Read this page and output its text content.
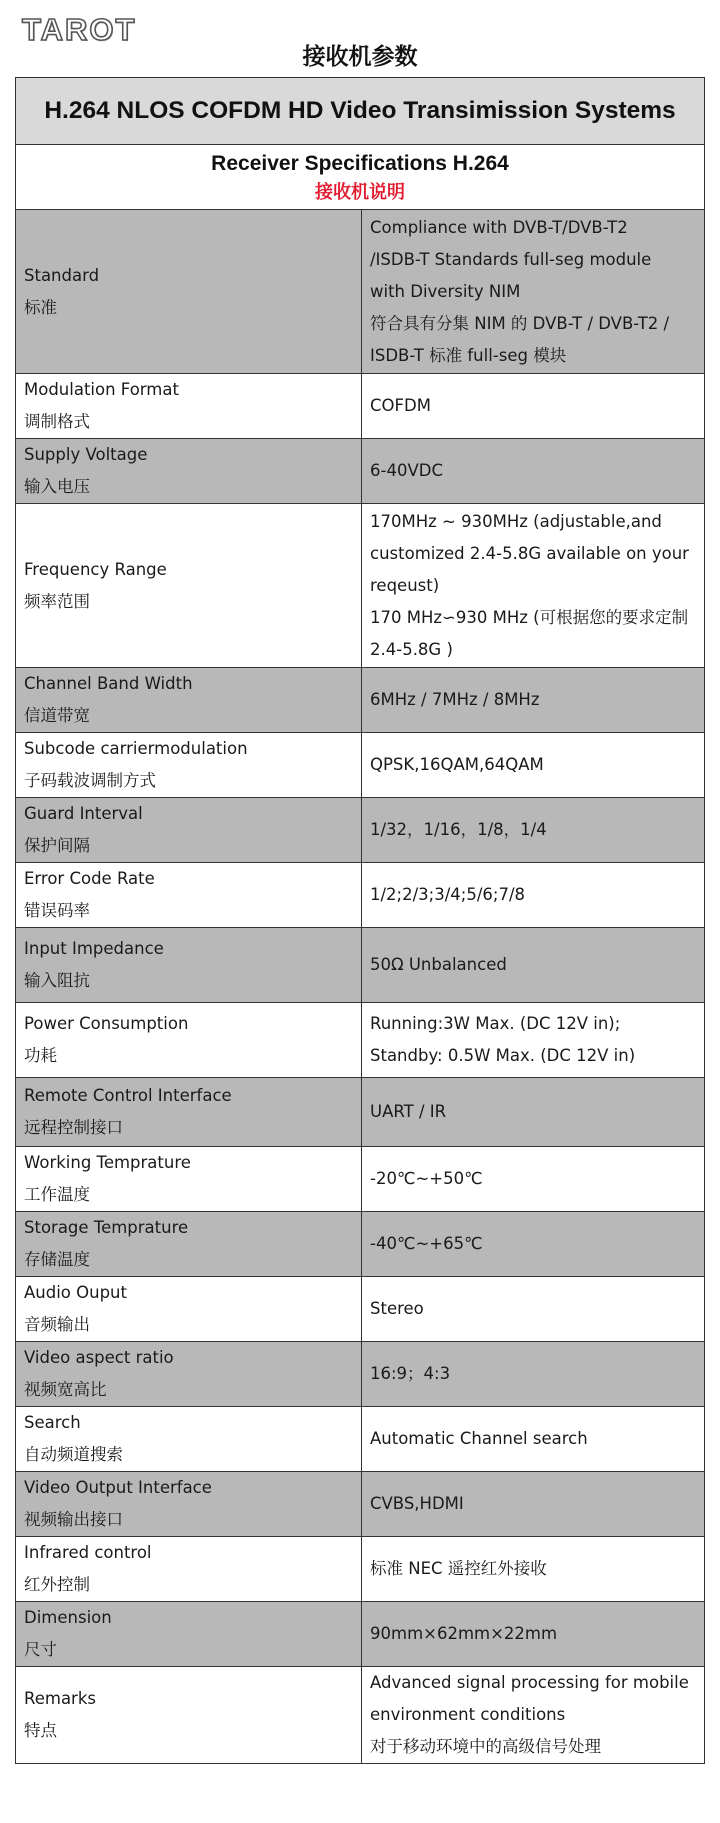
TAROT
接收机参数
H.264 NLOS COFDM HD Video Transimission Systems	

Receiver Specifications H.264
接收机说明	

Standard
标准	Compliance with DVB-T/DVB-T2
/ISDB-T Standards full-seg module
with Diversity NIM
符合具有分集 NIM 的 DVB-T / DVB-T2 /
ISDB-T 标准 full-seg 模块

Modulation Format
调制格式	COFDM

Supply Voltage
输入电压	6-40VDC

Frequency Range
频率范围	170MHz ~ 930MHz (adjustable,and
customized 2.4-5.8G available on your
reqeust)
170 MHz∽930 MHz (可根据您的要求定制
2.4-5.8G )

Channel Band Width
信道带宽	6MHz / 7MHz / 8MHz

Subcode carriermodulation
子码载波调制方式	QPSK,16QAM,64QAM

Guard Interval
保护间隔	1/32，1/16，1/8，1/4

Error Code Rate
错误码率	1/2;2/3;3/4;5/6;7/8

Input Impedance
输入阻抗	50Ω Unbalanced

Power Consumption
功耗	Running:3W Max. (DC 12V in);
Standby: 0.5W Max. (DC 12V in)

Remote Control Interface
远程控制接口	UART / IR

Working Temprature
工作温度	-20℃~+50℃

Storage Temprature
存储温度	-40℃~+65℃

Audio Ouput
音频输出	Stereo

Video aspect ratio
视频宽高比	16:9；4:3

Search
自动频道搜索	Automatic Channel search

Video Output Interface
视频输出接口	CVBS,HDMI

Infrared control
红外控制	标准 NEC 遥控红外接收

Dimension
尺寸	90mm×62mm×22mm

Remarks
特点	Advanced signal processing for mobile
environment conditions
对于移动环境中的高级信号处理
